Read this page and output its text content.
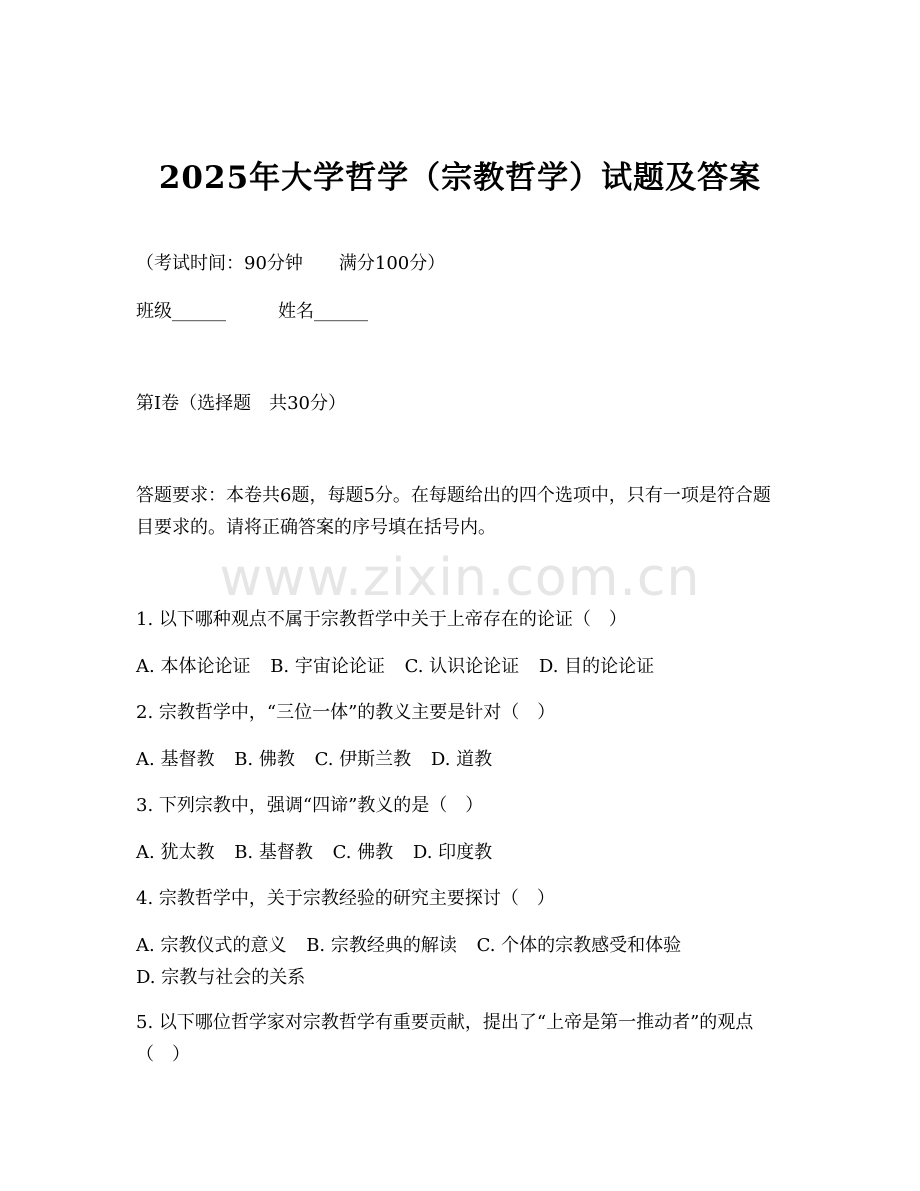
2025年大学哲学（宗教哲学）试题及答案

（考试时间：90分钟　　满分100分）

班级______	姓名______

第I卷（选择题　共30分）

答题要求：本卷共6题，每题5分。在每题给出的四个选项中，只有一项是符合题目要求的。请将正确答案的序号填在括号内。

www.zixin.com.cn

1. 以下哪种观点不属于宗教哲学中关于上帝存在的论证（　）

A. 本体论论证 B. 宇宙论论证 C. 认识论论证 D. 目的论论证

2. 宗教哲学中，“三位一体”的教义主要是针对（　）

A. 基督教 B. 佛教 C. 伊斯兰教 D. 道教

3. 下列宗教中，强调“四谛”教义的是（　）

A. 犹太教 B. 基督教 C. 佛教 D. 印度教

4. 宗教哲学中，关于宗教经验的研究主要探讨（　）

A. 宗教仪式的意义 B. 宗教经典的解读 C. 个体的宗教感受和体验 D. 宗教与社会的关系

5. 以下哪位哲学家对宗教哲学有重要贡献，提出了“上帝是第一推动者”的观点（　）
